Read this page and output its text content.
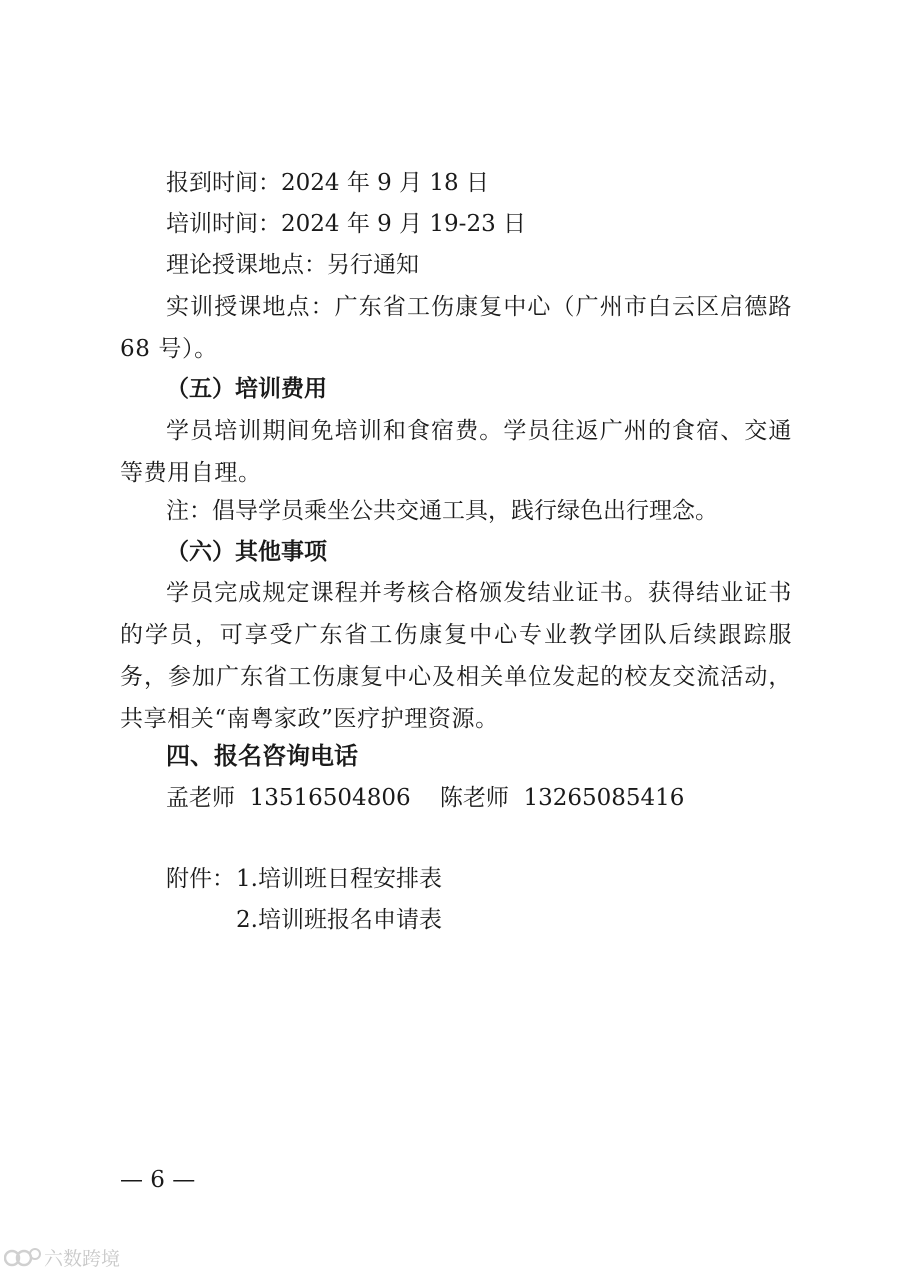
报到时间：2024 年 9 月 18 日

培训时间：2024 年 9 月 19-23 日

理论授课地点：另行通知

实训授课地点：广东省工伤康复中心（广州市白云区启德路68 号）。

（五）培训费用

学员培训期间免培训和食宿费。学员往返广州的食宿、交通等费用自理。

注：倡导学员乘坐公共交通工具，践行绿色出行理念。

（六）其他事项

学员完成规定课程并考核合格颁发结业证书。获得结业证书的学员，可享受广东省工伤康复中心专业教学团队后续跟踪服务，参加广东省工伤康复中心及相关单位发起的校友交流活动，共享相关“南粤家政”医疗护理资源。

四、报名咨询电话

孟老师  13516504806    陈老师  13265085416

附件： 1.培训班日程安排表

2.培训班报名申请表

— 6 —

六数跨境
